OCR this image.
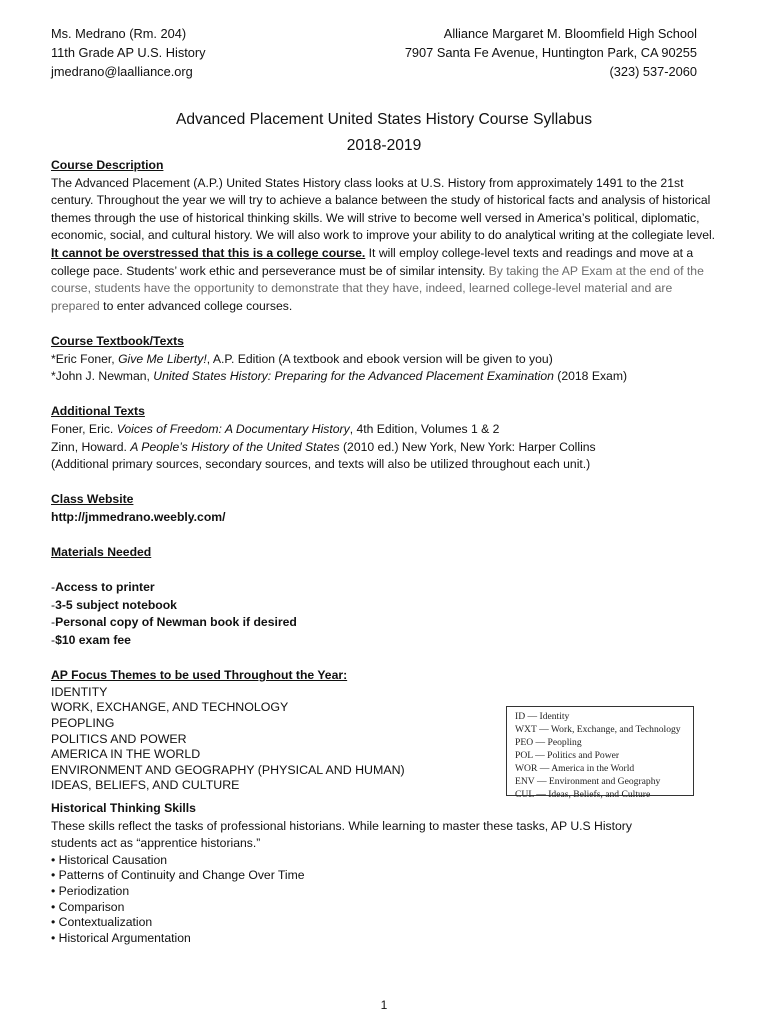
Ms. Medrano (Rm. 204)
11th Grade AP U.S. History
jmedrano@laalliance.org
Alliance Margaret M. Bloomfield High School
7907 Santa Fe Avenue, Huntington Park, CA 90255
(323) 537-2060
Advanced Placement United States History Course Syllabus
2018-2019
Course Description
The Advanced Placement (A.P.) United States History class looks at U.S. History from approximately 1491 to the 21st century. Throughout the year we will try to achieve a balance between the study of historical facts and analysis of historical themes through the use of historical thinking skills. We will strive to become well versed in America’s political, diplomatic, economic, social, and cultural history. We will also work to improve your ability to do analytical writing at the collegiate level. It cannot be overstressed that this is a college course. It will employ college-level texts and readings and move at a college pace. Students’ work ethic and perseverance must be of similar intensity. By taking the AP Exam at the end of the course, students have the opportunity to demonstrate that they have, indeed, learned college-level material and are prepared to enter advanced college courses.
Course Textbook/Texts
*Eric Foner, Give Me Liberty!, A.P. Edition (A textbook and ebook version will be given to you)
*John J. Newman, United States History: Preparing for the Advanced Placement Examination (2018 Exam)
Additional Texts
Foner, Eric. Voices of Freedom: A Documentary History, 4th Edition, Volumes 1 & 2
Zinn, Howard. A People’s History of the United States (2010 ed.) New York, New York: Harper Collins
(Additional primary sources, secondary sources, and texts will also be utilized throughout each unit.)
Class Website
http://jmmedrano.weebly.com/
Materials Needed
-Access to printer
-3-5 subject notebook
-Personal copy of Newman book if desired
-$10 exam fee
AP Focus Themes to be used Throughout the Year:
IDENTITY
WORK, EXCHANGE, AND TECHNOLOGY
PEOPLING
POLITICS AND POWER
AMERICA IN THE WORLD
ENVIRONMENT AND GEOGRAPHY (PHYSICAL AND HUMAN)
IDEAS, BELIEFS, AND CULTURE
Historical Thinking Skills
These skills reflect the tasks of professional historians. While learning to master these tasks, AP U.S History students act as “apprentice historians.”
• Historical Causation
• Patterns of Continuity and Change Over Time
• Periodization
• Comparison
• Contextualization
• Historical Argumentation
ID — Identity
WXT — Work, Exchange, and Technology
PEO — Peopling
POL — Politics and Power
WOR — America in the World
ENV — Environment and Geography
CUL — Ideas, Beliefs, and Culture
1
